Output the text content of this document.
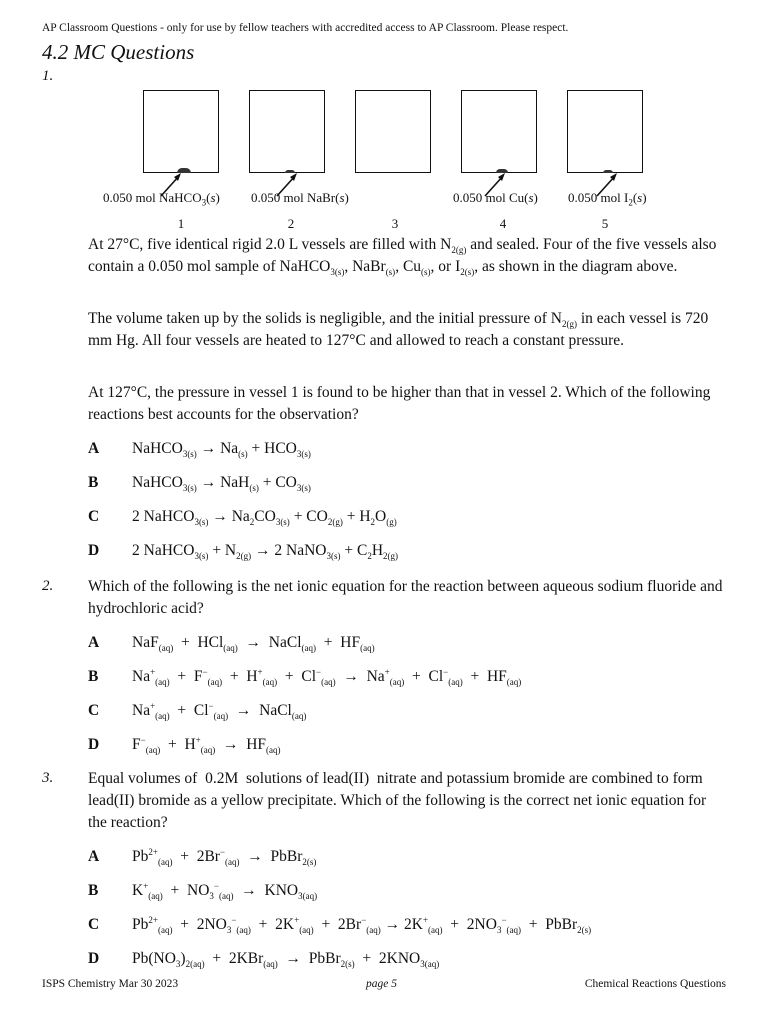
AP Classroom Questions - only for use by fellow teachers with accredited access to AP Classroom. Please respect.
4.2 MC Questions
1.
0.050 mol NaHCO$_3$(s) 0.050 mol NaBr(s)	0.050 mol Cu(s) 0.050 mol $I_2(s)$
1	2	3	4	5

At 27°C, five identical rigid 2.0 L vessels are filled with $N_{2(g)}$ and sealed. Four of the five vessels also contain a 0.050 mol sample of NaHCO$_{3(s)}$, NaBr$_{(s)}$, $Cu_{(s)}$, or $I_{2(s)}$, as shown in the diagram above.

The volume taken up by the solids is negligible, and the initial pressure of $N_{2(g)}$ in each vessel is 720 mm Hg. All four vessels are heated to 127°C and allowed to reach a constant pressure.

At 127°C, the pressure in vessel 1 is found to be higher than that in vessel 2. Which of the following reactions best accounts for the observation?

A	NaHCO$_{3(s)}$ → $Na_{(s)} + HCO_{3(s)}$
B	NaHCO$_{3(s)}$ → $NaH_{(s)} + CO_{3(s)}$
C	2 NaHCO$_{3(s)}$ → $Na_2CO_{3(s)} + CO_{2(g)} + H_2O_{(g)}$
D	2 NaHCO$_{3(s)}$ + $N_{2(g)} \to 2$ NaNO$_{3(s)}$ + $C_2H_{2(g)}$
2. Which of the following is the net ionic equation for the reaction between aqueous sodium fluoride and hydrochloric acid?

A	NaF$_{(aq)}$  +  HCl$_{(aq)}$  →  NaCl$_{(aq)}$  +  $HF_{(aq)}$
B	$Na^+_{(aq)} + F^-_{(aq)} + H^+_{(aq)} + Cl^-_{(aq)} \to Na^+_{(aq)} + Cl^-_{(aq)} + HF_{(aq)}$
C	$Na^+_{(aq)} + Cl^-_{(aq)}$  →  NaCl$_{(aq)}$
D	$F^-_{(aq)} + H^+_{(aq)} \to HF_{(aq)}$
3. Equal volumes of  0.2M  solutions of lead(II)  nitrate and potassium bromide are combined to form lead(II) bromide as a yellow precipitate. Which of the following is the correct net ionic equation for the reaction?

A	$Pb^{2+}_{(aq)} + 2Br^-_{(aq)}$  →  PbBr$_{2(s)}$
B	$K^+_{(aq)} + NO_3^-_{(aq)} \to KNO_{3(aq)}$
C	$Pb^{2+}_{(aq)} + 2NO_3^-_{(aq)} + 2K^+_{(aq)} + 2Br^-_{(aq)} \to 2K^+_{(aq)} + 2NO_3^-_{(aq)}$  +  PbBr$_{2(s)}$
D	$Pb(NO_3)_{2(aq)} + 2KBr_{(aq)}$  →  PbBr$_{2(s)}$  +  $2KNO_{3(aq)}$
ISPS Chemistry Mar 30 2023	page 5	Chemical Reactions Questions
